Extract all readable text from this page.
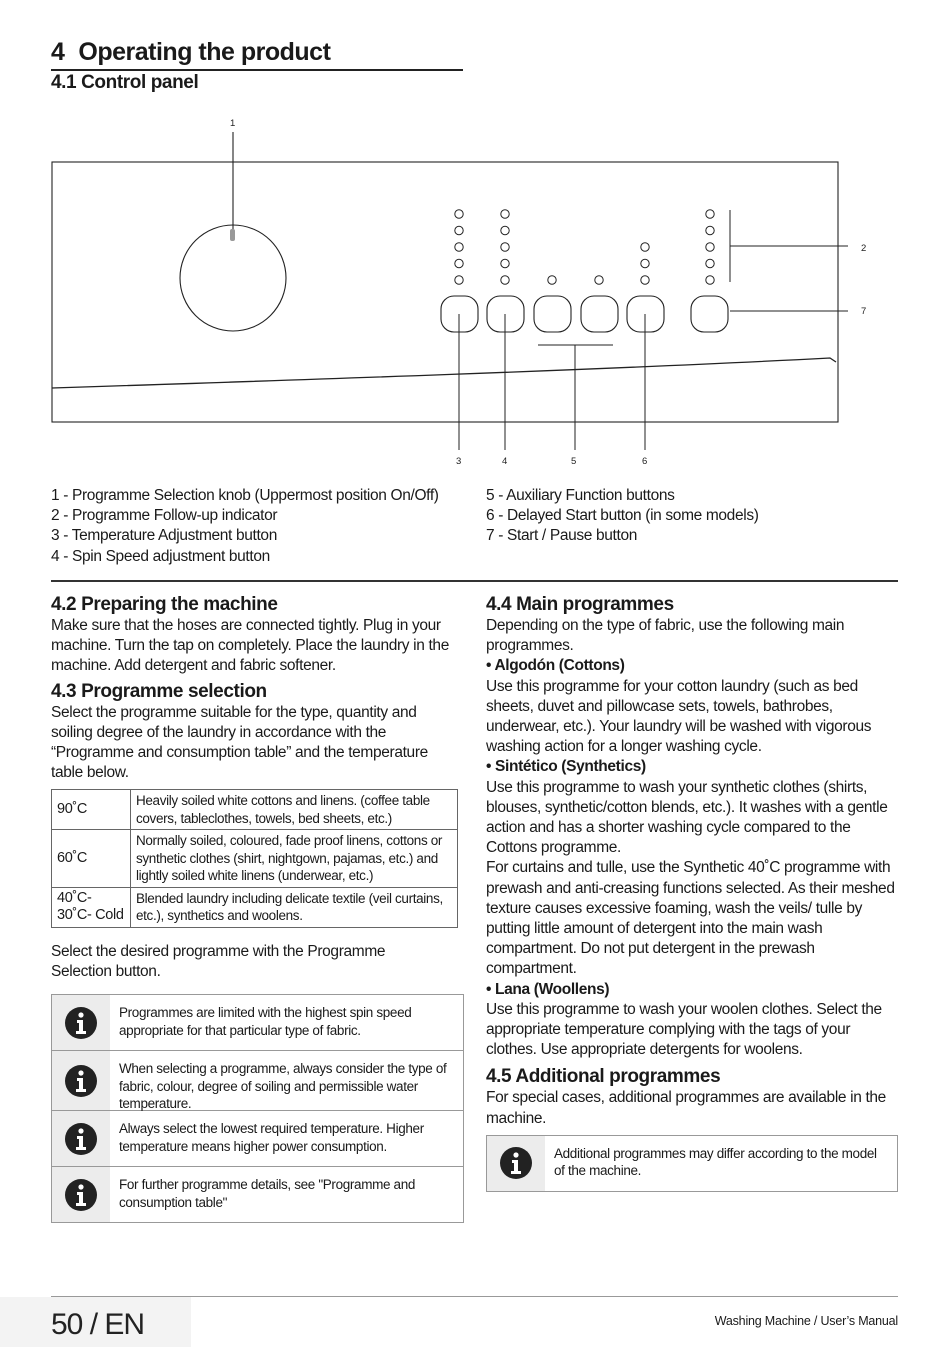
4 Operating the product
4.1 Control panel
1
2
7
3	4	5	6
1 - Programme Selection knob (Uppermost position On/Off)
2 - Programme Follow-up indicator
3 - Temperature Adjustment button
4 - Spin Speed adjustment button
5 - Auxiliary Function buttons
6 - Delayed Start button (in some models)
7 - Start / Pause button
4.2 Preparing the machine
Make sure that the hoses are connected tightly. Plug in your machine. Turn the tap on completely. Place the laundry in the machine. Add detergent and fabric softener.
4.3 Programme selection
Select the programme suitable for the type, quantity and soiling degree of the laundry in accordance with the “Programme and consumption table” and the temperature table below.
90˚C	Heavily soiled white cottons and linens. (coffee table covers, tableclothes, towels, bed sheets, etc.)
60˚C	Normally soiled, coloured, fade proof linens, cottons or synthetic clothes (shirt, nightgown, pajamas, etc.) and lightly soiled white linens (underwear, etc.)
40˚C-
30˚C- Cold	Blended laundry including delicate textile (veil curtains, etc.), synthetics and woolens.
Select the desired programme with the Programme Selection button.
Programmes are limited with the highest spin speed appropriate for that particular type of fabric.
When selecting a programme, always consider the type of fabric, colour, degree of soiling and permissible water temperature.
Always select the lowest required temperature. Higher temperature means higher power consumption.
For further programme details, see "Programme and consumption table"
4.4 Main programmes
Depending on the type of fabric, use the following main programmes.
• Algodón (Cottons)
Use this programme for your cotton laundry (such as bed sheets, duvet and pillowcase sets, towels, bathrobes, underwear, etc.). Your laundry will be washed with vigorous washing action for a longer washing cycle.
• Sintético (Synthetics)
Use this programme to wash your synthetic clothes (shirts, blouses, synthetic/cotton blends, etc.). It washes with a gentle action and has a shorter washing cycle compared to the Cottons programme.
For curtains and tulle, use the Synthetic 40˚C programme with prewash and anti-creasing functions selected. As their meshed texture causes excessive foaming, wash the veils/ tulle by putting little amount of detergent into the main wash compartment. Do not put detergent in the prewash compartment.
• Lana (Woollens)
Use this programme to wash your woolen clothes. Select the appropriate temperature complying with the tags of your clothes. Use appropriate detergents for woolens.
4.5 Additional programmes
For special cases, additional programmes are available in the machine.
Additional programmes may differ according to the model of the machine.
50 / EN	Washing Machine / User’s Manual
